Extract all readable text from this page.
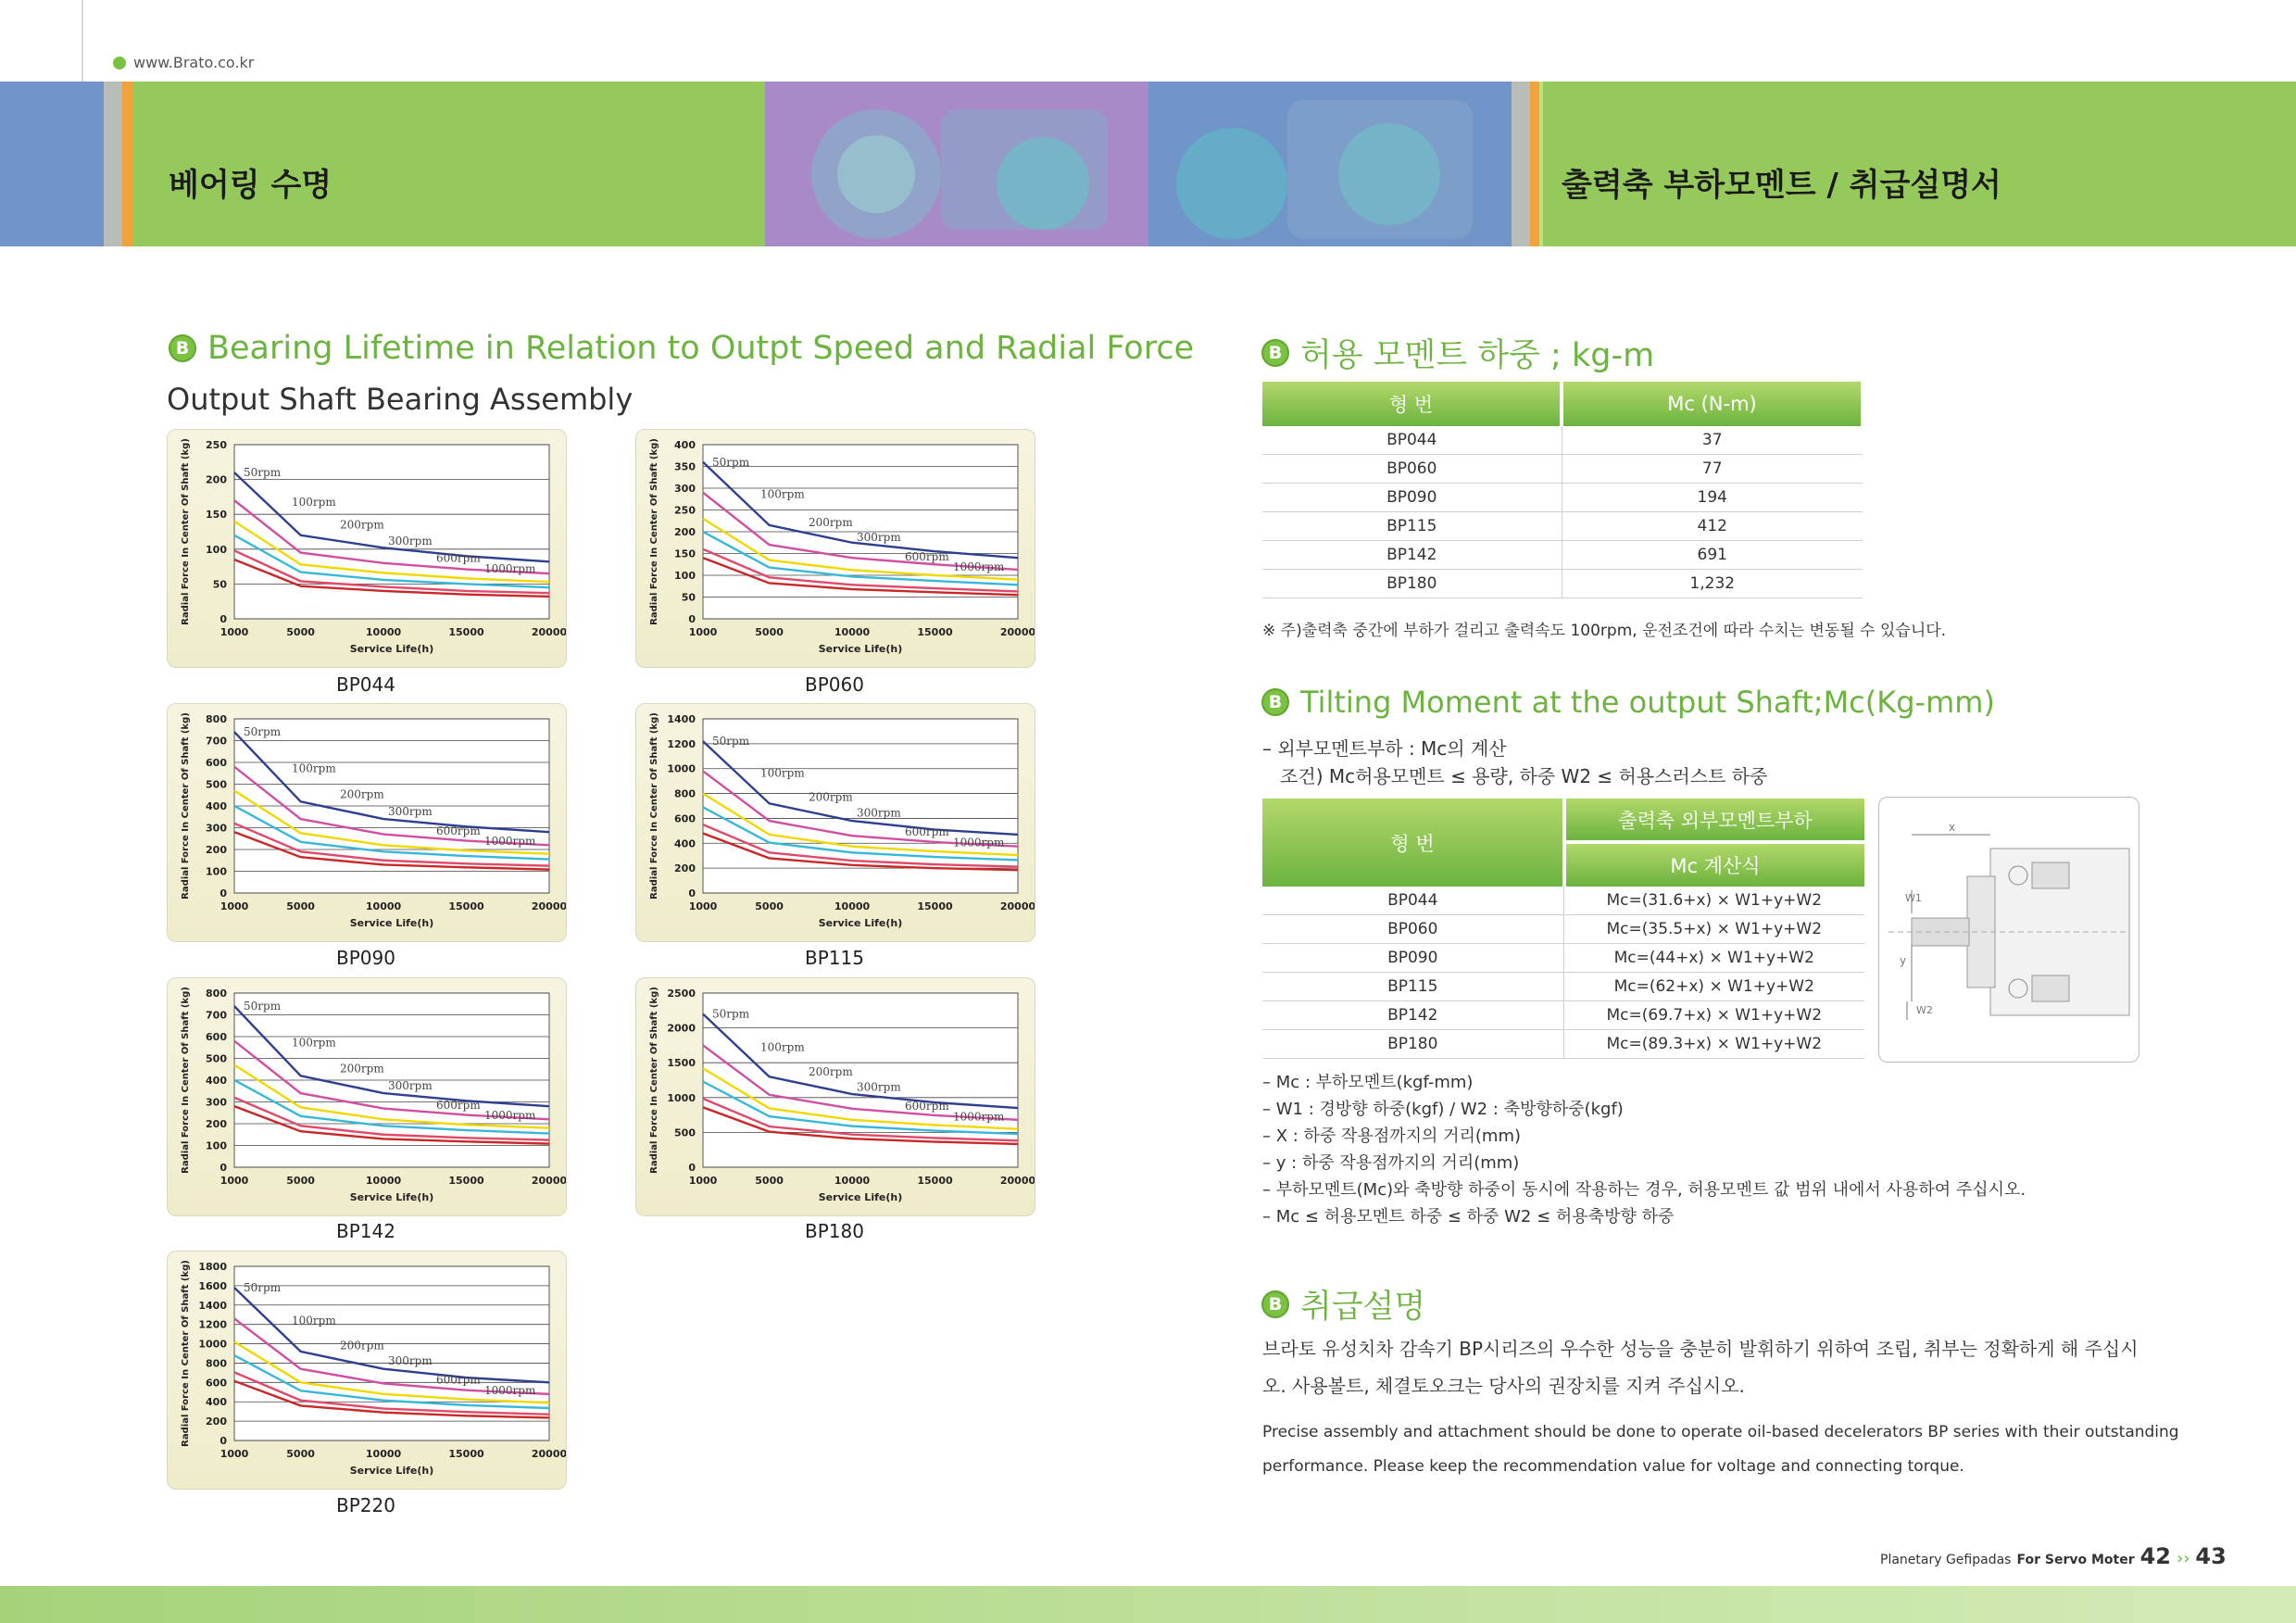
www.Brato.co.kr
베어링 수명	출력축 부하모멘트 / 취급설명서
B Bearing Lifetime in Relation to Outpt Speed and Radial Force
Output Shaft Bearing Assembly
0
50
100
150
200
250
1000	5000	10000	15000	20000
Service Life(h)
Radial Force In Center Of Shaft (kg)	50rpm
100rpm
200rpm
300rpm
600rpm
1000rpm
BP044
0
50
100
150
200
250
300
350
400
1000	5000	10000	15000	20000
Service Life(h)
Radial Force In Center Of Shaft (kg)	50rpm
100rpm
200rpm
300rpm
600rpm
1000rpm
BP060
0
100
200
300
400
500
600
700
800
1000	5000	10000	15000	20000
Service Life(h)
Radial Force In Center Of Shaft (kg)	50rpm
100rpm
200rpm
300rpm
600rpm
1000rpm
BP090
0
200
400
600
800
1000
1200
1400
1000	5000	10000	15000	20000
Service Life(h)
Radial Force In Center Of Shaft (kg)	50rpm
100rpm
200rpm
300rpm
600rpm
1000rpm
BP115
0
100
200
300
400
500
600
700
800
1000	5000	10000	15000	20000
Service Life(h)
Radial Force In Center Of Shaft (kg)	50rpm
100rpm
200rpm
300rpm
600rpm
1000rpm
BP142
0
500
1000
1500
2000
2500
1000	5000	10000	15000	20000
Service Life(h)
Radial Force In Center Of Shaft (kg)	50rpm
100rpm
200rpm
300rpm
600rpm
1000rpm
BP180
0
200
400
600
800
1000
1200
1400
1600
1800
1000	5000	10000	15000	20000
Service Life(h)
Radial Force In Center Of Shaft (kg)	50rpm
100rpm
200rpm
300rpm
600rpm
1000rpm
BP220
B 허용 모멘트 하중 ; kg-m
형 번	Mc (N-m)
BP044	37
BP060	77
BP090	194
BP115	412
BP142	691
BP180	1,232
※ 주)출력축 중간에 부하가 걸리고 출력속도 100rpm, 운전조건에 따라 수치는 변동될 수 있습니다.
B Tilting Moment at the output Shaft;Mc(Kg-mm)
– 외부모멘트부하 : Mc의 계산
조건) Mc허용모멘트 ≤ 용량, 하중 W2 ≤ 허용스러스트 하중
형 번
출력축 외부모멘트부하
Mc 계산식
BP044	Mc=(31.6+x) × W1+y+W2
BP060	Mc=(35.5+x) × W1+y+W2
BP090	Mc=(44+x) × W1+y+W2
BP115	Mc=(62+x) × W1+y+W2
BP142	Mc=(69.7+x) × W1+y+W2
BP180	Mc=(89.3+x) × W1+y+W2
x
y
W1
W2
– Mc : 부하모멘트(kgf-mm)
– W1 : 경방향 하중(kgf) / W2 : 축방향하중(kgf)
– X : 하중 작용점까지의 거리(mm)
– y : 하중 작용점까지의 거리(mm)
– 부하모멘트(Mc)와 축방향 하중이 동시에 작용하는 경우, 허용모멘트 값 범위 내에서 사용하여 주십시오.
– Mc ≤ 허용모멘트 하중 ≤ 하중 W2 ≤ 허용축방향 하중
B 취급설명
브라토 유성치차 감속기 BP시리즈의 우수한 성능을 충분히 발휘하기 위하여 조립, 취부는 정확하게 해 주십시
오. 사용볼트, 체결토오크는 당사의 권장치를 지켜 주십시오.
Precise assembly and attachment should be done to operate oil-based decelerators BP series with their outstanding
performance. Please keep the recommendation value for voltage and connecting torque.
Planetary Gefipadas For Servo Moter 42 ›› 43
